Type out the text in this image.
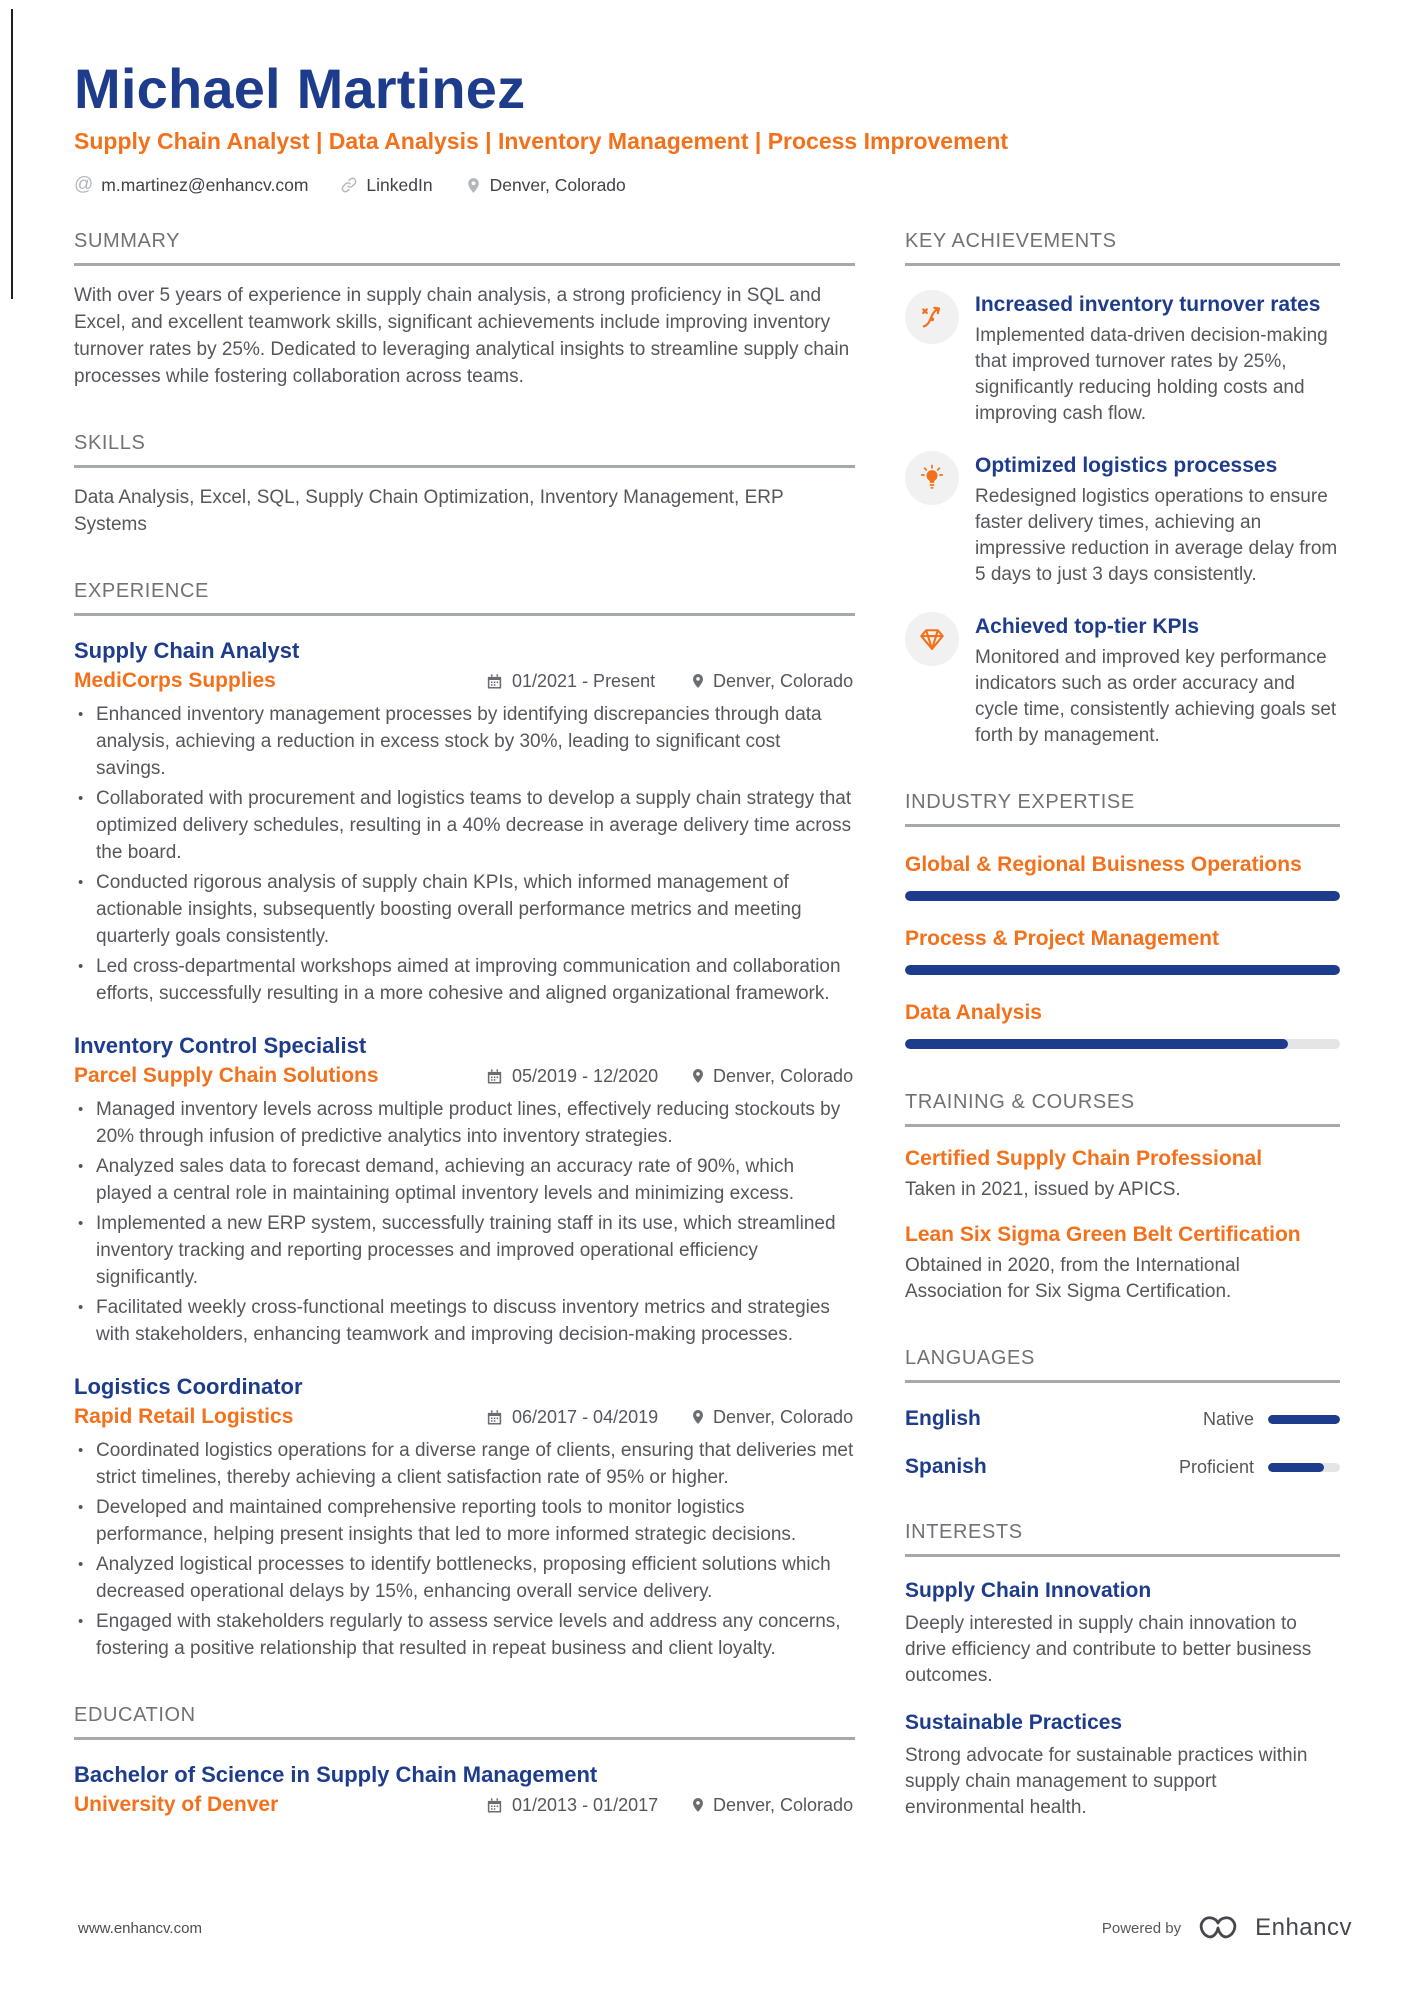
Michael Martinez
Supply Chain Analyst | Data Analysis | Inventory Management | Process Improvement
@
m.martinez@enhancv.com	LinkedIn	Denver, Colorado
SUMMARY

With over 5 years of experience in supply chain analysis, a strong proficiency in SQL and Excel, and excellent teamwork skills, significant achievements include improving inventory turnover rates by 25%. Dedicated to leveraging analytical insights to streamline supply chain processes while fostering collaboration across teams.

SKILLS

Data Analysis, Excel, SQL, Supply Chain Optimization, Inventory Management, ERP Systems

EXPERIENCE
Supply Chain Analyst
MediCorps Supplies	01/2021 - Present	Denver, Colorado
• Enhanced inventory management processes by identifying discrepancies through data analysis, achieving a reduction in excess stock by 30%, leading to significant cost savings.
• Collaborated with procurement and logistics teams to develop a supply chain strategy that optimized delivery schedules, resulting in a 40% decrease in average delivery time across the board.
• Conducted rigorous analysis of supply chain KPIs, which informed management of actionable insights, subsequently boosting overall performance metrics and meeting quarterly goals consistently.
• Led cross-departmental workshops aimed at improving communication and collaboration efforts, successfully resulting in a more cohesive and aligned organizational framework.
Inventory Control Specialist
Parcel Supply Chain Solutions	05/2019 - 12/2020	Denver, Colorado
• Managed inventory levels across multiple product lines, effectively reducing stockouts by 20% through infusion of predictive analytics into inventory strategies.
• Analyzed sales data to forecast demand, achieving an accuracy rate of 90%, which played a central role in maintaining optimal inventory levels and minimizing excess.
• Implemented a new ERP system, successfully training staff in its use, which streamlined inventory tracking and reporting processes and improved operational efficiency significantly.
• Facilitated weekly cross-functional meetings to discuss inventory metrics and strategies with stakeholders, enhancing teamwork and improving decision-making processes.
Logistics Coordinator
Rapid Retail Logistics	06/2017 - 04/2019	Denver, Colorado
• Coordinated logistics operations for a diverse range of clients, ensuring that deliveries met strict timelines, thereby achieving a client satisfaction rate of 95% or higher.
• Developed and maintained comprehensive reporting tools to monitor logistics performance, helping present insights that led to more informed strategic decisions.
• Analyzed logistical processes to identify bottlenecks, proposing efficient solutions which decreased operational delays by 15%, enhancing overall service delivery.
• Engaged with stakeholders regularly to assess service levels and address any concerns, fostering a positive relationship that resulted in repeat business and client loyalty.
EDUCATION
Bachelor of Science in Supply Chain Management
University of Denver	01/2013 - 01/2017	Denver, Colorado
KEY ACHIEVEMENTS
Increased inventory turnover rates

Implemented data-driven decision-making that improved turnover rates by 25%, significantly reducing holding costs and improving cash flow.

Optimized logistics processes

Redesigned logistics operations to ensure faster delivery times, achieving an impressive reduction in average delay from 5 days to just 3 days consistently.

Achieved top-tier KPIs

Monitored and improved key performance indicators such as order accuracy and cycle time, consistently achieving goals set forth by management.

INDUSTRY EXPERTISE
Global & Regional Buisness Operations
Process & Project Management
Data Analysis
TRAINING & COURSES
Certified Supply Chain Professional

Taken in 2021, issued by APICS.

Lean Six Sigma Green Belt Certification

Obtained in 2020, from the International Association for Six Sigma Certification.

LANGUAGES
English	Native
Spanish	Proficient
INTERESTS
Supply Chain Innovation

Deeply interested in supply chain innovation to drive efficiency and contribute to better business outcomes.

Sustainable Practices

Strong advocate for sustainable practices within supply chain management to support environmental health.

www.enhancv.com	Powered by	Enhancv
